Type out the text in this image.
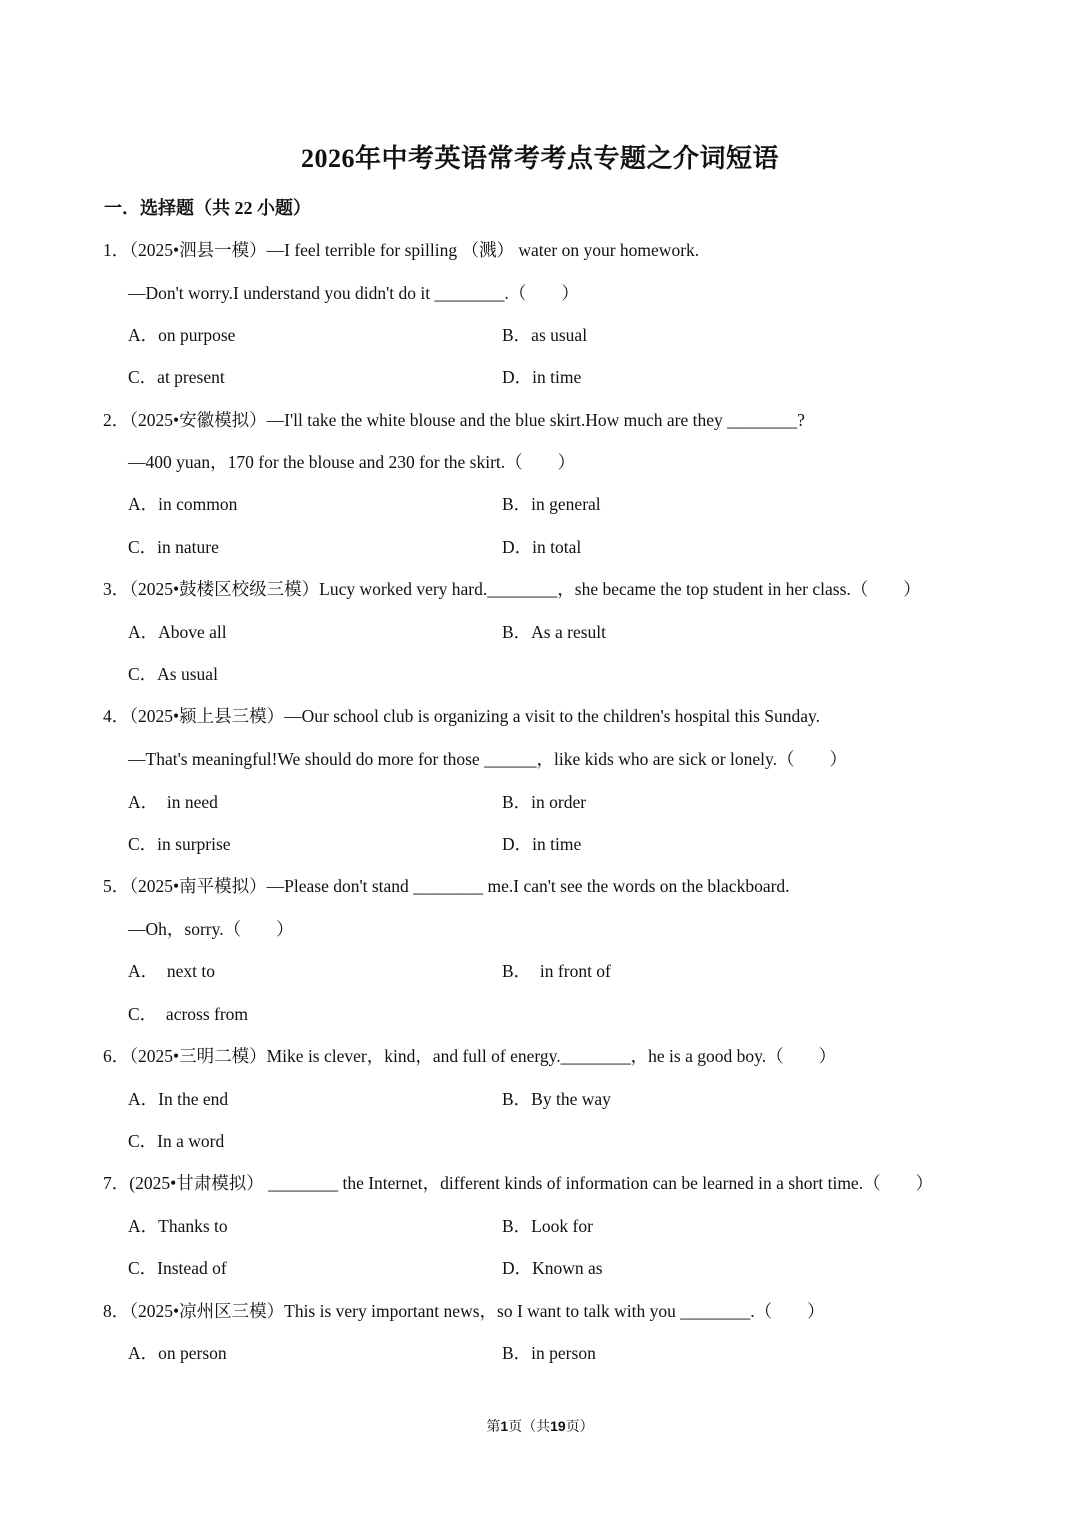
2026年中考英语常考考点专题之介词短语
一．选择题（共 22 小题）
1．（2025•泗县一模）—I feel terrible for spilling （溅） water on your homework.
—Don't worry.I understand you didn't do it ________.（　　）
A．on purpose	B．as usual
C．at present	D．in time
2．（2025•安徽模拟）—I'll take the white blouse and the blue skirt.How much are they ________?
—400 yuan，170 for the blouse and 230 for the skirt.（　　）
A．in common	B．in general
C．in nature	D．in total
3．（2025•鼓楼区校级三模）Lucy worked very hard.________，she became the top student in her class.（　　）
A．Above all	B．As a result
C．As usual
4．（2025•颍上县三模）—Our school club is organizing a visit to the children's hospital this Sunday.
—That's meaningful!We should do more for those ______，like kids who are sick or lonely.（　　）
A．　in need	B．in order
C．in surprise	D．in time
5．（2025•南平模拟）—Please don't stand ________ me.I can't see the words on the blackboard.
—Oh，sorry.（　　）
A．　next to	B．　in front of
C．　across from
6．（2025•三明二模）Mike is clever，kind，and full of energy.________，he is a good boy.（　　）
A．In the end	B．By the way
C．In a word
7．(2025•甘肃模拟） ________ the Internet，different kinds of information can be learned in a short time.（　　）
A．Thanks to	B．Look for
C．Instead of	D．Known as
8．（2025•凉州区三模）This is very important news，so I want to talk with you ________.（　　）
A．on person	B．in person
第1页（共19页）
